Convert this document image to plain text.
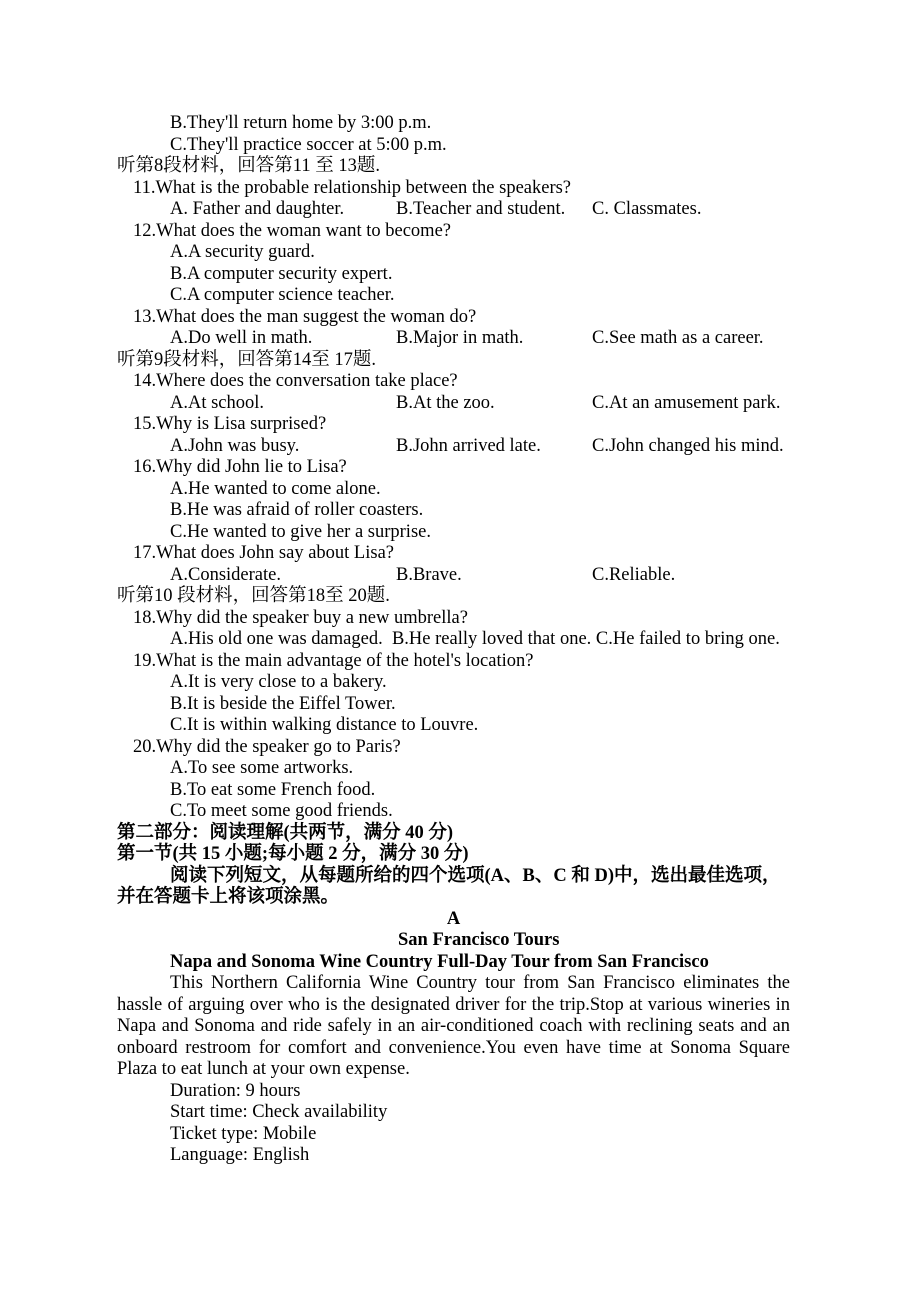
B.They'll return home by 3:00 p.m.
C.They'll practice soccer at 5:00 p.m.
听第8段材料，回答第11 至 13题.
11.What is the probable relationship between the speakers?
A. Father and daughter.	B.Teacher and student. C. Classmates.
12.What does the woman want to become?
A.A security guard.
B.A computer security expert.
C.A computer science teacher.
13.What does the man suggest the woman do?
A.Do well in math.	B.Major in math.	C.See math as a career.
听第9段材料，回答第14至 17题.
14.Where does the conversation take place?
A.At school.	B.At the zoo.	C.At an amusement park.
15.Why is Lisa surprised?
A.John was busy.	B.John arrived late.	C.John changed his mind.
16.Why did John lie to Lisa?
A.He wanted to come alone.
B.He was afraid of roller coasters.
C.He wanted to give her a surprise.
17.What does John say about Lisa?
A.Considerate.	B.Brave.	C.Reliable.
听第10 段材料，回答第18至 20题.
18.Why did the speaker buy a new umbrella?
A.His old one was damaged.  B.He really loved that one. C.He failed to bring one.
19.What is the main advantage of the hotel's location?
A.It is very close to a bakery.
B.It is beside the Eiffel Tower.
C.It is within walking distance to Louvre.
20.Why did the speaker go to Paris?
A.To see some artworks.
B.To eat some French food.
C.To meet some good friends.
第二部分：阅读理解(共两节，满分 40 分)
第一节(共 15 小题;每小题 2 分，满分 30 分)
阅读下列短文，从每题所给的四个选项(A、B、C 和 D)中，选出最佳选项，
并在答题卡上将该项涂黑。
A
San Francisco Tours
Napa and Sonoma Wine Country Full-Day Tour from San Francisco
This Northern California Wine Country tour from San Francisco eliminates the
hassle of arguing over who is the designated driver for the trip.Stop at various wineries in
Napa and Sonoma and ride safely in an air-conditioned coach with reclining seats and an
onboard restroom for comfort and convenience.You even have time at Sonoma Square
Plaza to eat lunch at your own expense.
Duration: 9 hours
Start time: Check availability
Ticket type: Mobile
Language: English
